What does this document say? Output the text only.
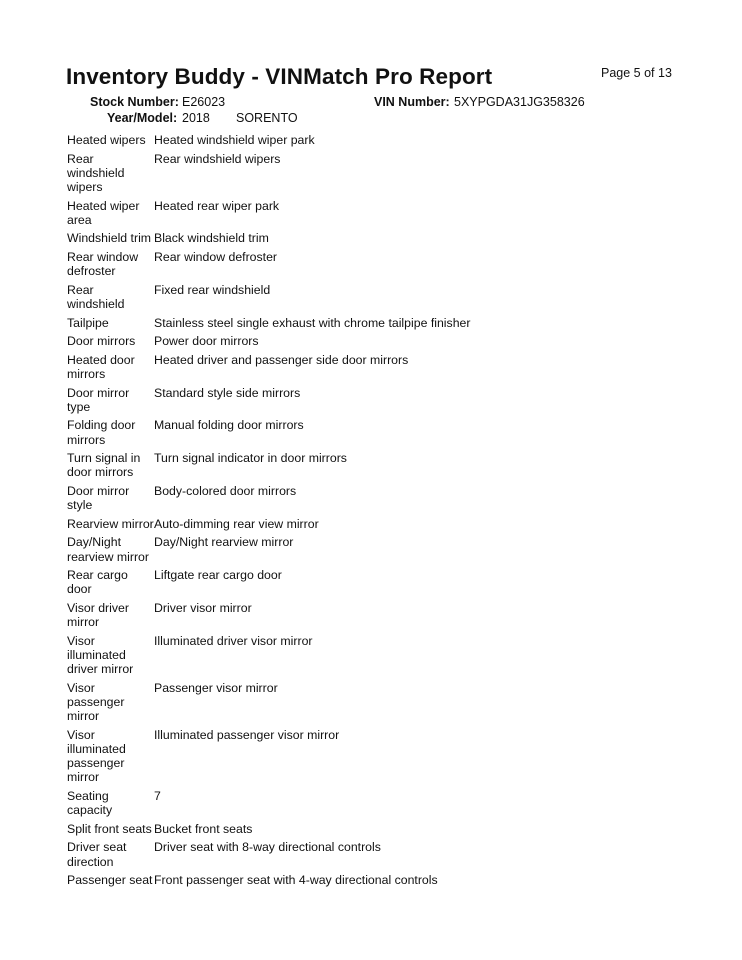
Page 5 of 13
Inventory Buddy - VINMatch Pro Report
Stock Number: E26023	VIN Number: 5XYPGDA31JG358326
Year/Model: 2018 SORENTO
Heated wipers	Heated windshield wiper park
Rear windshield wipers	Rear windshield wipers
Heated wiper area	Heated rear wiper park
Windshield trim	Black windshield trim
Rear window defroster	Rear window defroster
Rear windshield	Fixed rear windshield
Tailpipe	Stainless steel single exhaust with chrome tailpipe finisher
Door mirrors	Power door mirrors
Heated door mirrors	Heated driver and passenger side door mirrors
Door mirror type	Standard style side mirrors
Folding door mirrors	Manual folding door mirrors
Turn signal in door mirrors	Turn signal indicator in door mirrors
Door mirror style	Body-colored door mirrors
Rearview mirror	Auto-dimming rear view mirror
Day/Night rearview mirror	Day/Night rearview mirror
Rear cargo door	Liftgate rear cargo door
Visor driver mirror	Driver visor mirror
Visor illuminated driver mirror	Illuminated driver visor mirror
Visor passenger mirror	Passenger visor mirror
Visor illuminated passenger mirror	Illuminated passenger visor mirror
Seating capacity	7
Split front seats	Bucket front seats
Driver seat direction	Driver seat with 8-way directional controls
Passenger seat	Front passenger seat with 4-way directional controls
